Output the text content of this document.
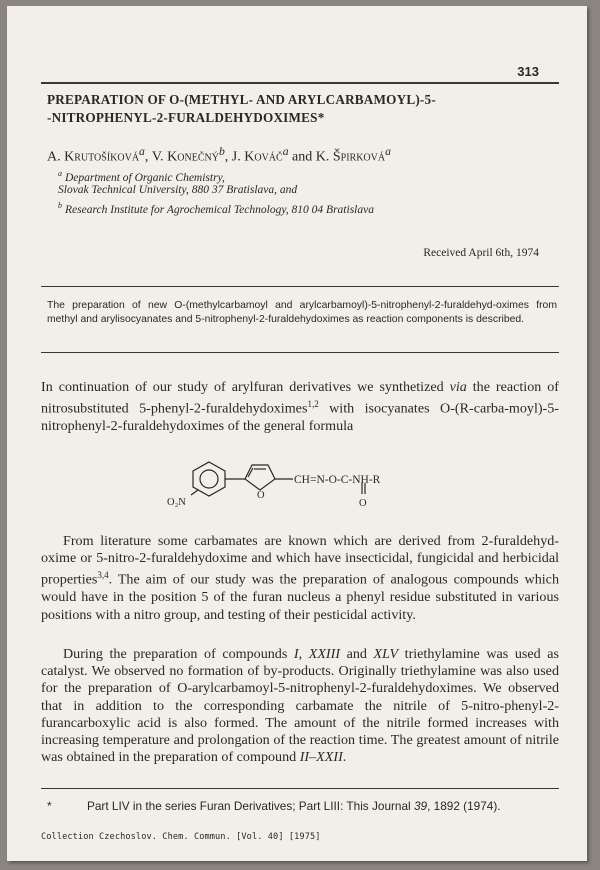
313
PREPARATION OF O-(METHYL- AND ARYLCARBAMOYL)-5-
-NITROPHENYL-2-FURALDEHYDOXIMES*

A. Krutošíková$^a$, V. Konečný$^b$, J. Kováč$^a$ and K. Špirková$^a$

$^a$ Department of Organic Chemistry,

Slovak Technical University, 880 37 Bratislava, and

$^b$ Research Institute for Agrochemical Technology, 810 04 Bratislava

Received April 6th, 1974

The preparation of new O-(methylcarbamoyl and arylcarbamoyl)-5-nitrophenyl-2-furaldehyd-oximes from methyl and arylisocyanates and 5-nitrophenyl-2-furaldehydoximes as reaction components is described.

In continuation of our study of arylfuran derivatives we synthetized via the reaction of nitrosubstituted 5-phenyl-2-furaldehydoximes$^{1,2}$ with isocyanates O-(R-carba-moyl)-5-nitrophenyl-2-furaldehydoximes of the general formula

CH=N-O-C-NH-R
O
O
O₂N

From literature some carbamates are known which are derived from 2-furaldehyd-oxime or 5-nitro-2-furaldehydoxime and which have insecticidal, fungicidal and herbicidal properties$^{3,4}$. The aim of our study was the preparation of analogous compounds which would have in the position 5 of the furan nucleus a phenyl residue substituted in various positions with a nitro group, and testing of their pesticidal activity.

During the preparation of compounds I, XXIII and XLV triethylamine was used as catalyst. We observed no formation of by-products. Originally triethylamine was also used for the preparation of O-arylcarbamoyl-5-nitrophenyl-2-furaldehydoximes. We observed that in addition to the corresponding carbamate the nitrile of 5-nitro-phenyl-2-furancarboxylic acid is also formed. The amount of the nitrile formed increases with increasing temperature and prolongation of the reaction time. The greatest amount of nitrile was obtained in the preparation of compound II–XXII.

*	Part LIV in the series Furan Derivatives; Part LIII: This Journal 39, 1892 (1974).

Collection Czechoslov. Chem. Commun. [Vol. 40] [1975]
